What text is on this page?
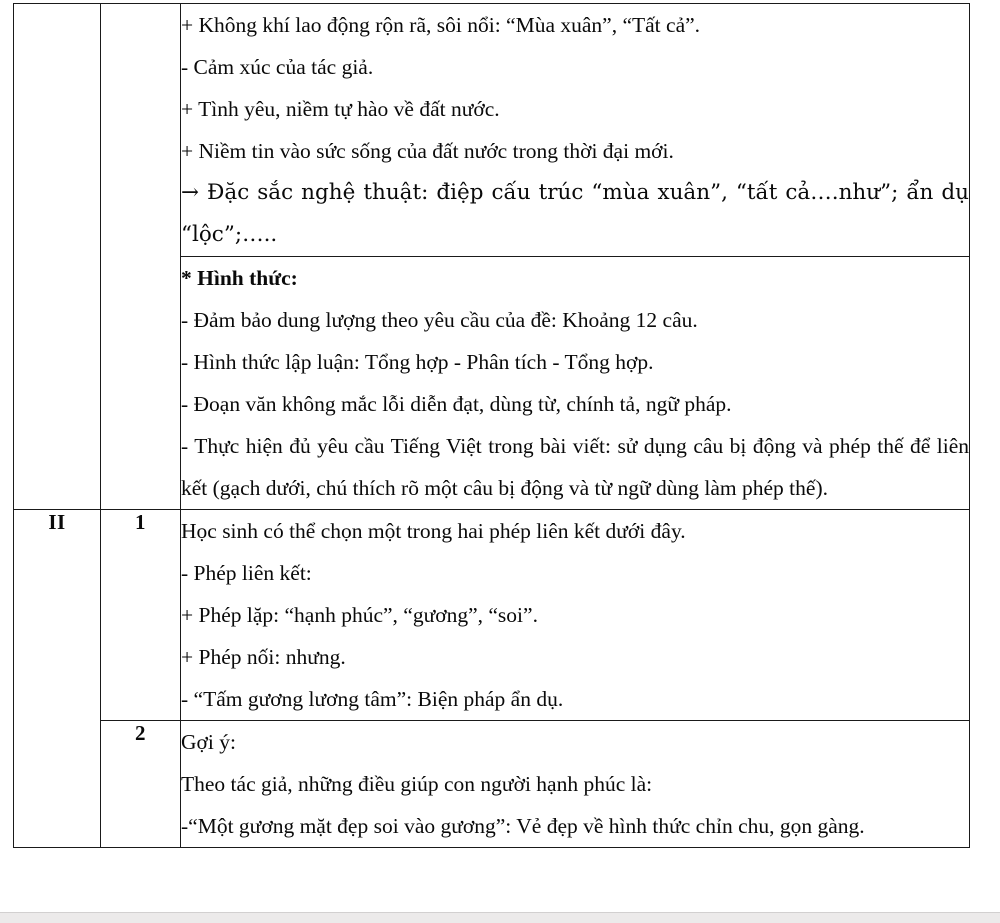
		+ Không khí lao động rộn rã, sôi nổi: “Mùa xuân”, “Tất cả”.

- Cảm xúc của tác giả.

+ Tình yêu, niềm tự hào về đất nước.

+ Niềm tin vào sức sống của đất nước trong thời đại mới.

→ Đặc sắc nghệ thuật: điệp cấu trúc “mùa xuân”, “tất cả….như”; ẩn dụ “lộc”;…..

		* Hình thức:

- Đảm bảo dung lượng theo yêu cầu của đề: Khoảng 12 câu.

- Hình thức lập luận: Tổng hợp - Phân tích - Tổng hợp.

- Đoạn văn không mắc lỗi diễn đạt, dùng từ, chính tả, ngữ pháp.

- Thực hiện đủ yêu cầu Tiếng Việt trong bài viết: sử dụng câu bị động và phép thế để liên kết (gạch dưới, chú thích rõ một câu bị động và từ ngữ dùng làm phép thế).

II	1	Học sinh có thể chọn một trong hai phép liên kết dưới đây.

- Phép liên kết:

+ Phép lặp: “hạnh phúc”, “gương”, “soi”.

+ Phép nối: nhưng.

- “Tấm gương lương tâm”: Biện pháp ẩn dụ.

	2	Gợi ý:

Theo tác giả, những điều giúp con người hạnh phúc là:

-“Một gương mặt đẹp soi vào gương”: Vẻ đẹp về hình thức chỉn chu, gọn gàng.
